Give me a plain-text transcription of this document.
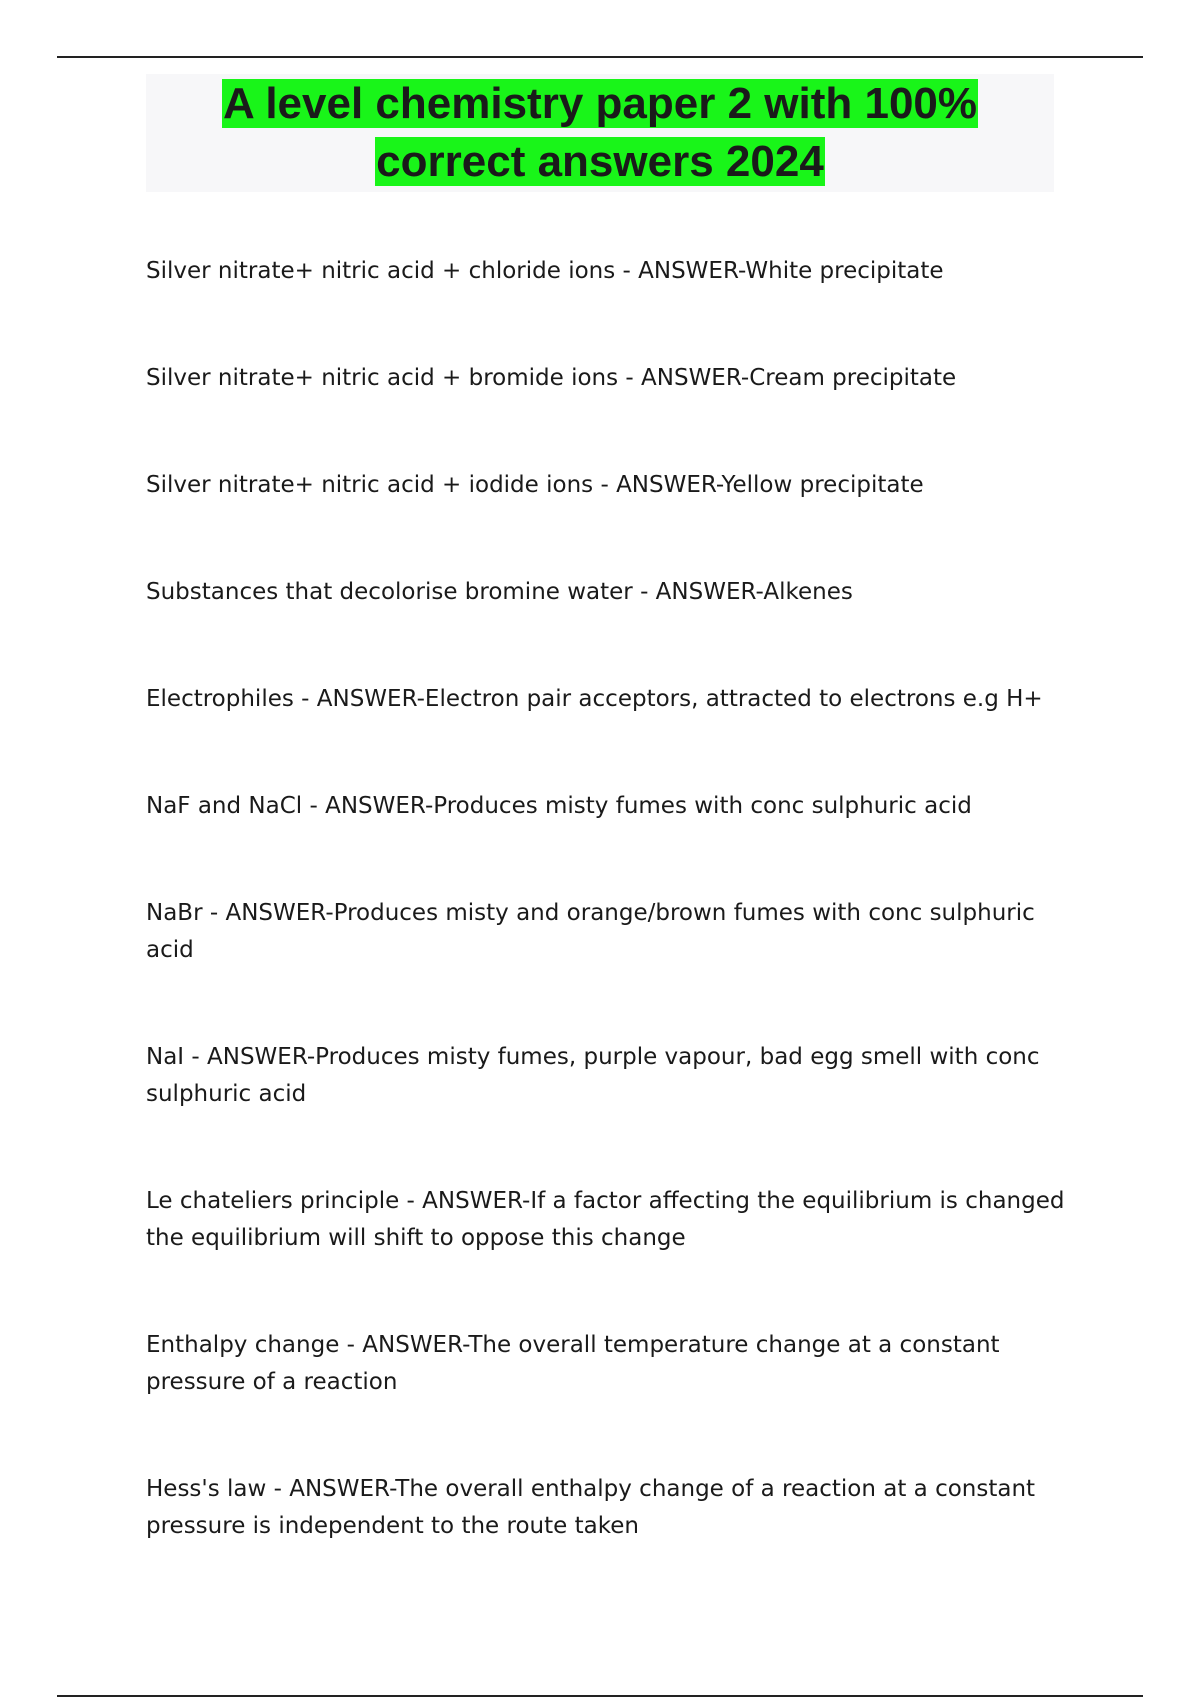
A level chemistry paper 2 with 100% correct answers 2024

Silver nitrate+ nitric acid + chloride ions - ANSWER-White precipitate

Silver nitrate+ nitric acid + bromide ions - ANSWER-Cream precipitate

Silver nitrate+ nitric acid + iodide ions - ANSWER-Yellow precipitate

Substances that decolorise bromine water - ANSWER-Alkenes

Electrophiles - ANSWER-Electron pair acceptors, attracted to electrons e.g H+

NaF and NaCl - ANSWER-Produces misty fumes with conc sulphuric acid

NaBr - ANSWER-Produces misty and orange/brown fumes with conc sulphuric acid

NaI - ANSWER-Produces misty fumes, purple vapour, bad egg smell with conc sulphuric acid

Le chateliers principle - ANSWER-If a factor affecting the equilibrium is changed the equilibrium will shift to oppose this change

Enthalpy change - ANSWER-The overall temperature change at a constant pressure of a reaction

Hess's law - ANSWER-The overall enthalpy change of a reaction at a constant pressure is independent to the route taken
